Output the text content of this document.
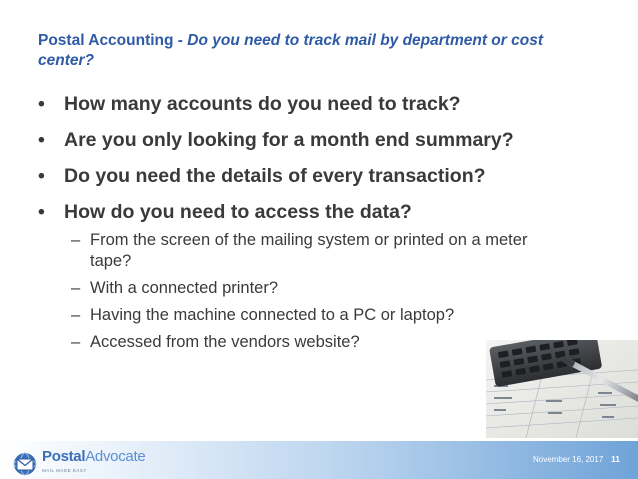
Postal Accounting - Do you need to track mail by department or cost center?
• How many accounts do you need to track?
• Are you only looking for a month end summary?
• Do you need the details of every transaction?
• How do you need to access the data?
– From the screen of the mailing system or printed on a meter tape?
– With a connected printer?
– Having the machine connected to a PC or laptop?
– Accessed from the vendors website?
PostalAdvocate
MAIL MADE EASY
November 16, 2017 11
